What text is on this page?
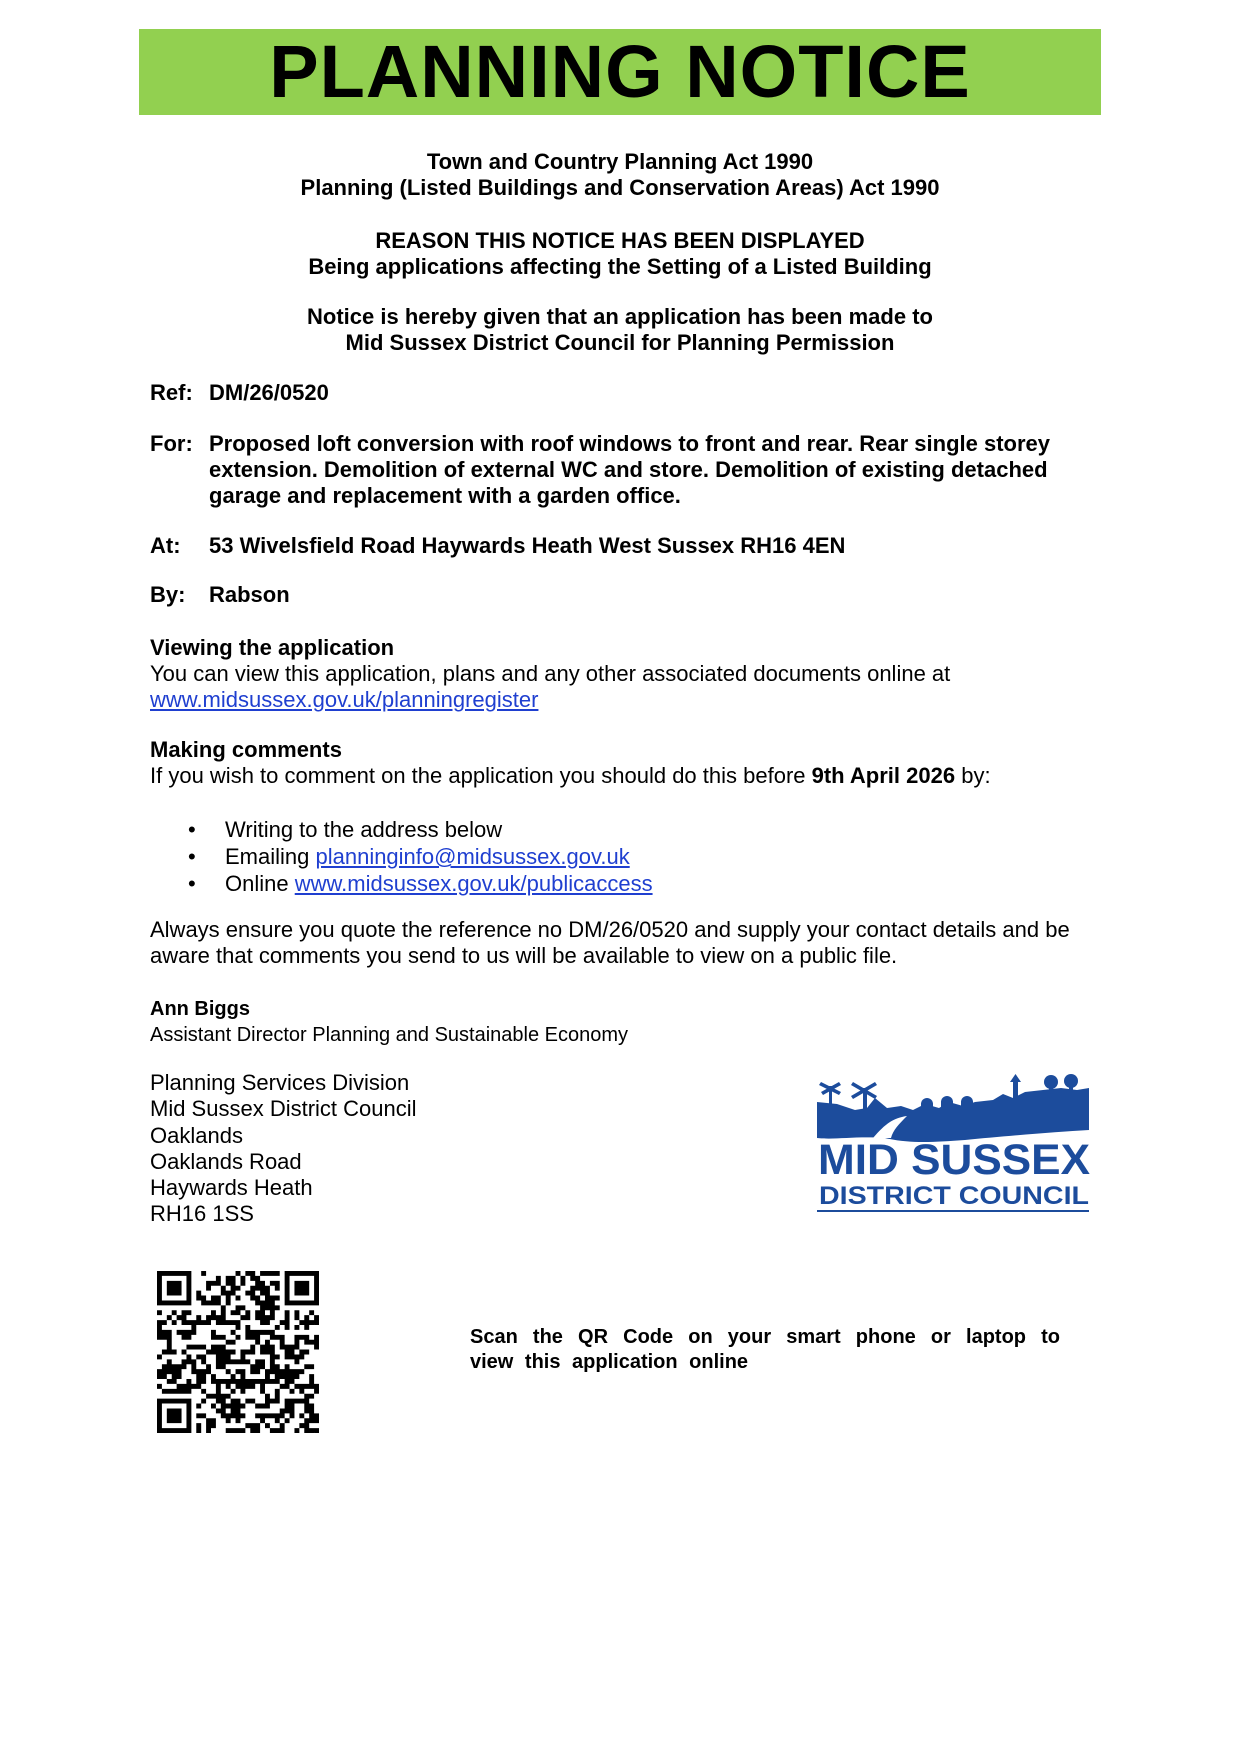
PLANNING NOTICE
Town and Country Planning Act 1990
Planning (Listed Buildings and Conservation Areas) Act 1990
REASON THIS NOTICE HAS BEEN DISPLAYED
Being applications affecting the Setting of a Listed Building
Notice is hereby given that an application has been made to
Mid Sussex District Council for Planning Permission
Ref: DM/26/0520
For: Proposed loft conversion with roof windows to front and rear. Rear single storey extension. Demolition of external WC and store. Demolition of existing detached garage and replacement with a garden office.
At:	53 Wivelsfield Road Haywards Heath West Sussex RH16 4EN
By:	Rabson
Viewing the application
You can view this application, plans and any other associated documents online at
www.midsussex.gov.uk/planningregister
Making comments
If you wish to comment on the application you should do this before 9th April 2026 by:
• Writing to the address below
• Emailing planninginfo@midsussex.gov.uk
• Online www.midsussex.gov.uk/publicaccess
Always ensure you quote the reference no DM/26/0520 and supply your contact details and be aware that comments you send to us will be available to view on a public file.
Ann Biggs
Assistant Director Planning and Sustainable Economy
Planning Services Division
Mid Sussex District Council
Oaklands
Oaklands Road
Haywards Heath
RH16 1SS
MID SUSSEX
DISTRICT COUNCIL
Scan the QR Code on your smart phone or laptop to view this application online
